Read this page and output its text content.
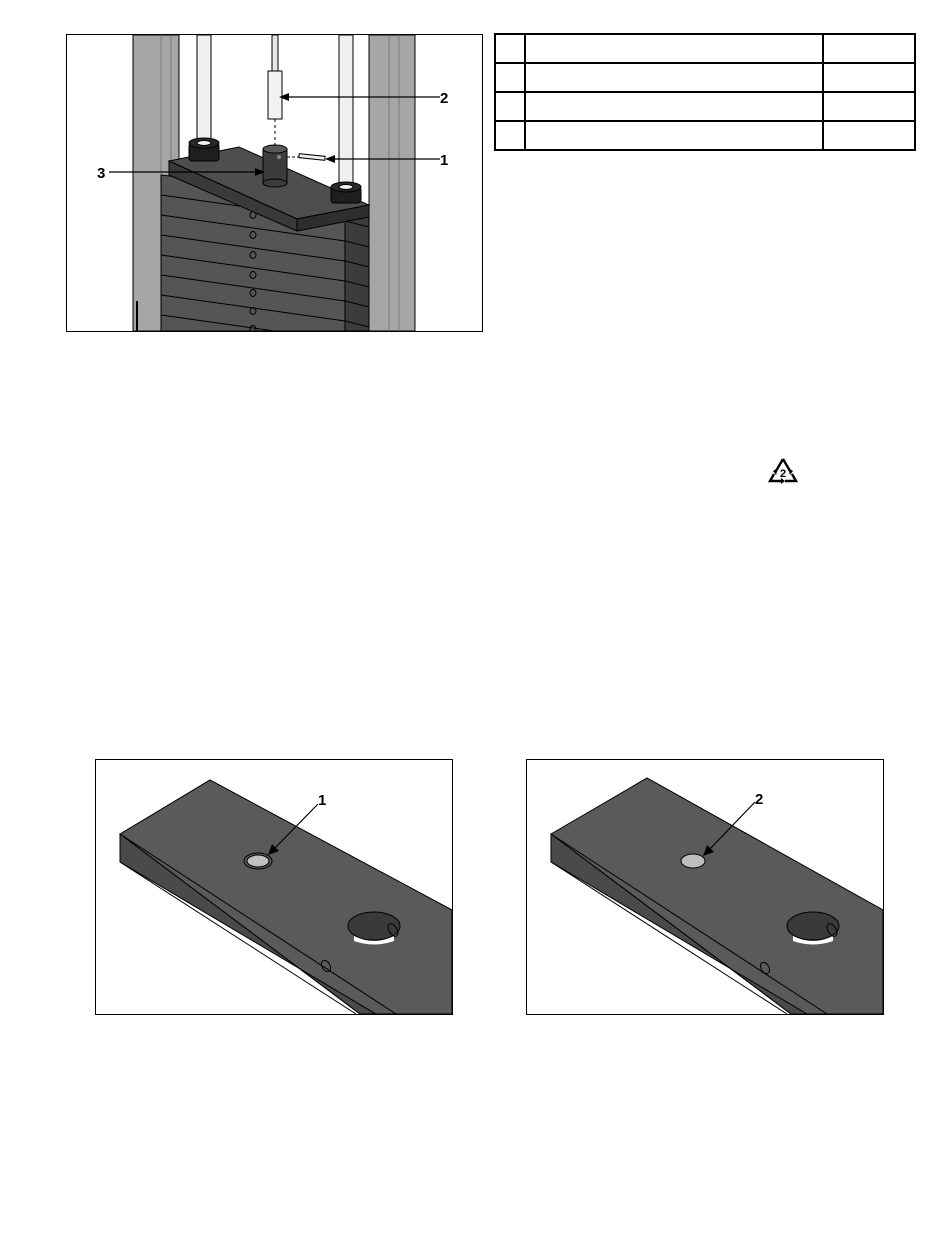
2
1
3

2
1	2
